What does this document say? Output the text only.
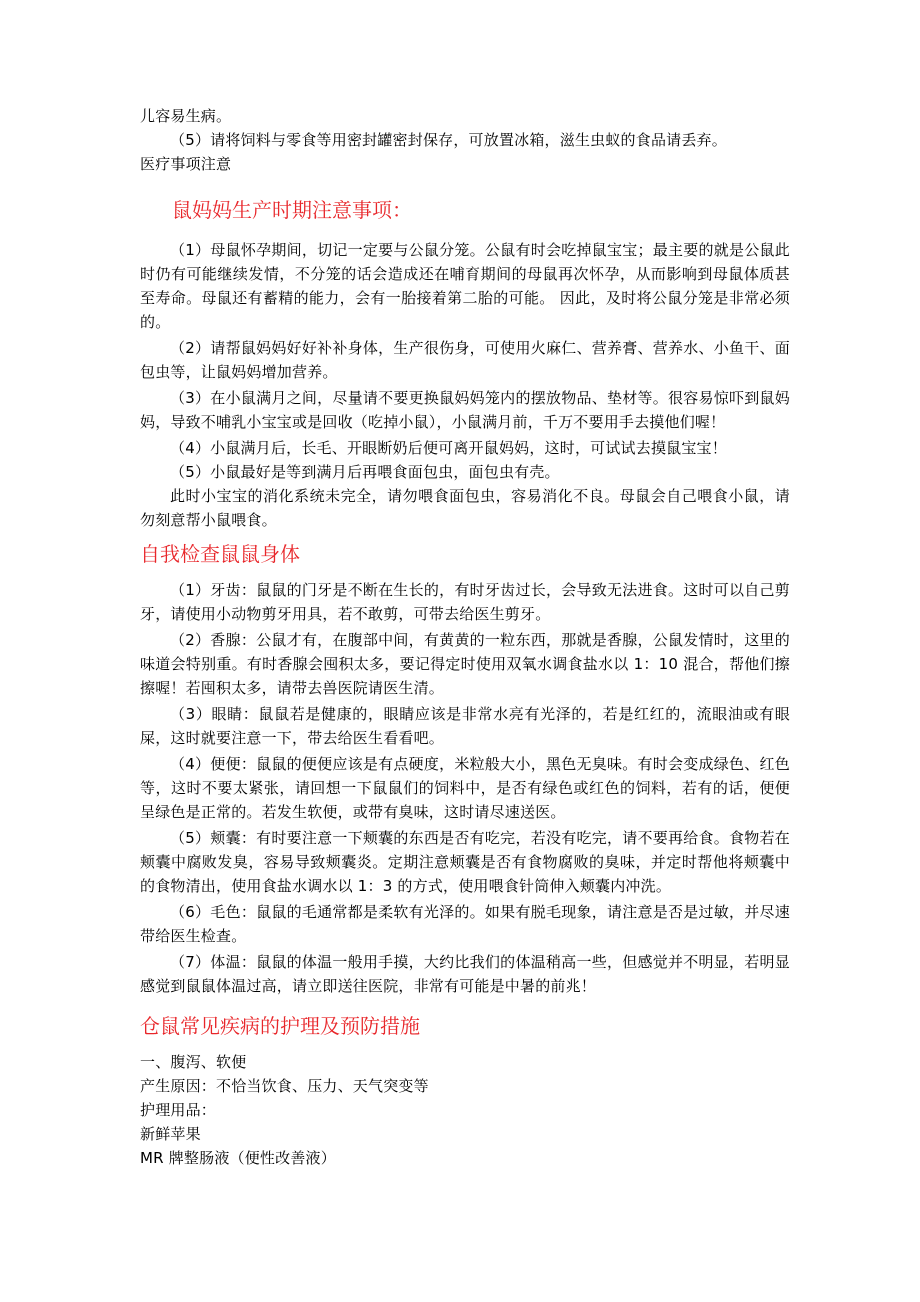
儿容易生病。

（5）请将饲料与零食等用密封罐密封保存，可放置冰箱，滋生虫蚁的食品请丢弃。

医疗事项注意

鼠妈妈生产时期注意事项：

（1）母鼠怀孕期间，切记一定要与公鼠分笼。公鼠有时会吃掉鼠宝宝；最主要的就是公鼠此时仍有可能继续发情，不分笼的话会造成还在哺育期间的母鼠再次怀孕，从而影响到母鼠体质甚至寿命。母鼠还有蓄精的能力，会有一胎接着第二胎的可能。 因此，及时将公鼠分笼是非常必须的。

（2）请帮鼠妈妈好好补补身体，生产很伤身，可使用火麻仁、营养膏、营养水、小鱼干、面包虫等，让鼠妈妈增加营养。

（3）在小鼠满月之间，尽量请不要更换鼠妈妈笼内的摆放物品、垫材等。很容易惊吓到鼠妈妈，导致不哺乳小宝宝或是回收（吃掉小鼠），小鼠满月前，千万不要用手去摸他们喔！

（4）小鼠满月后，长毛、开眼断奶后便可离开鼠妈妈，这时，可试试去摸鼠宝宝！

（5）小鼠最好是等到满月后再喂食面包虫，面包虫有壳。

此时小宝宝的消化系统未完全，请勿喂食面包虫，容易消化不良。母鼠会自己喂食小鼠，请勿刻意帮小鼠喂食。

自我检查鼠鼠身体

（1）牙齿：鼠鼠的门牙是不断在生长的，有时牙齿过长，会导致无法进食。这时可以自己剪牙，请使用小动物剪牙用具，若不敢剪，可带去给医生剪牙。

（2）香腺：公鼠才有，在腹部中间，有黄黄的一粒东西，那就是香腺，公鼠发情时，这里的味道会特别重。有时香腺会囤积太多，要记得定时使用双氧水调食盐水以 1：10 混合，帮他们擦擦喔！若囤积太多，请带去兽医院请医生清。

（3）眼睛：鼠鼠若是健康的，眼睛应该是非常水亮有光泽的，若是红红的，流眼油或有眼屎，这时就要注意一下，带去给医生看看吧。

（4）便便：鼠鼠的便便应该是有点硬度，米粒般大小，黑色无臭味。有时会变成绿色、红色等，这时不要太紧张，请回想一下鼠鼠们的饲料中，是否有绿色或红色的饲料，若有的话，便便呈绿色是正常的。若发生软便，或带有臭味，这时请尽速送医。

（5）颊囊：有时要注意一下颊囊的东西是否有吃完，若没有吃完，请不要再给食。食物若在颊囊中腐败发臭，容易导致颊囊炎。定期注意颊囊是否有食物腐败的臭味，并定时帮他将颊囊中的食物清出，使用食盐水调水以 1：3 的方式，使用喂食针筒伸入颊囊内冲洗。

（6）毛色：鼠鼠的毛通常都是柔软有光泽的。如果有脱毛现象，请注意是否是过敏，并尽速带给医生检查。

（7）体温：鼠鼠的体温一般用手摸，大约比我们的体温稍高一些，但感觉并不明显，若明显感觉到鼠鼠体温过高，请立即送往医院，非常有可能是中暑的前兆！

仓鼠常见疾病的护理及预防措施

一、腹泻、软便

产生原因：不恰当饮食、压力、天气突变等

护理用品：

新鲜苹果

MR 牌整肠液（便性改善液）
